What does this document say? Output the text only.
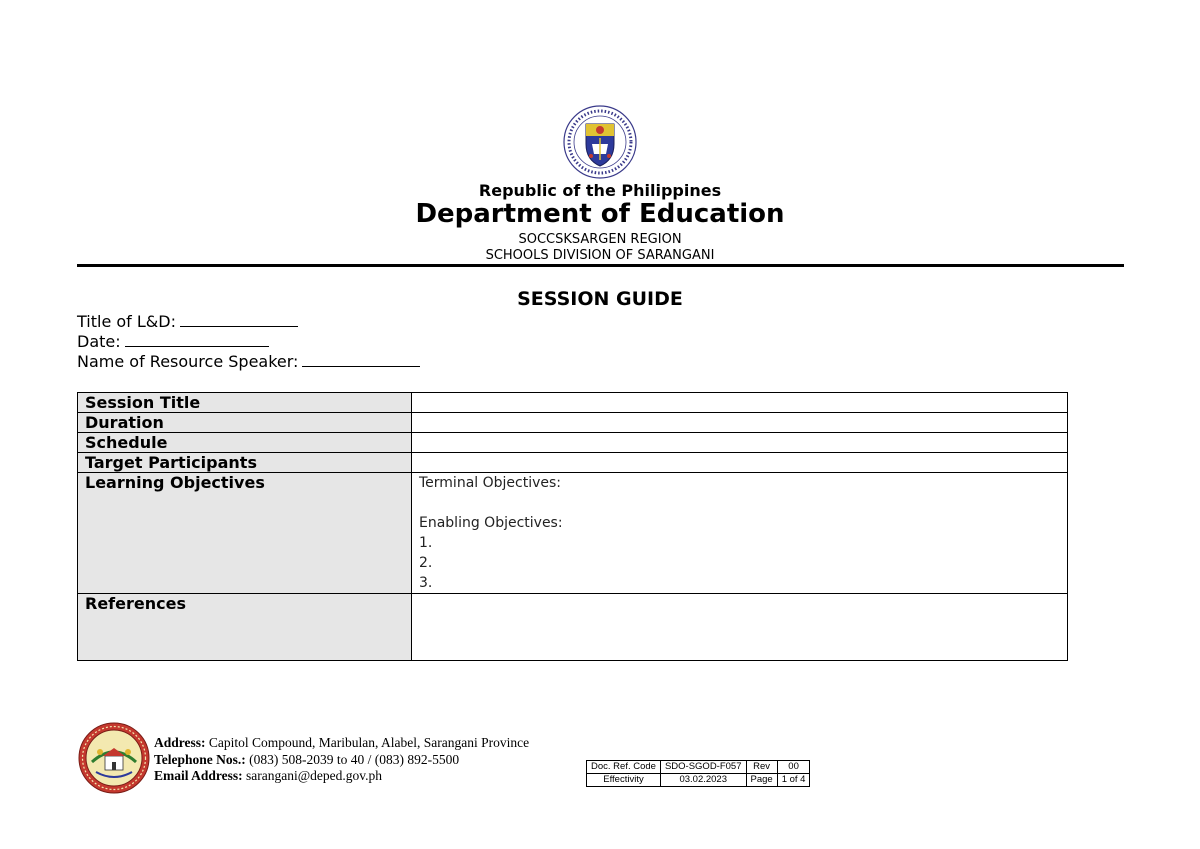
Republic of the Philippines
Department of Education
SOCCSKSARGEN REGION
SCHOOLS DIVISION OF SARANGANI
SESSION GUIDE
Title of L&D:
Date:
Name of Resource Speaker:
Session Title	
Duration	
Schedule	
Target Participants	
Learning Objectives	Terminal Objectives:
Enabling Objectives:
1.
2.
3.

References	
Address: Capitol Compound, Maribulan, Alabel, Sarangani Province
Telephone Nos.: (083) 508-2039 to 40 / (083) 892-5500
Email Address: sarangani@deped.gov.ph
Doc. Ref. Code	SDO-SGOD-F057	Rev	00
Effectivity	03.02.2023	Page	1 of 4
